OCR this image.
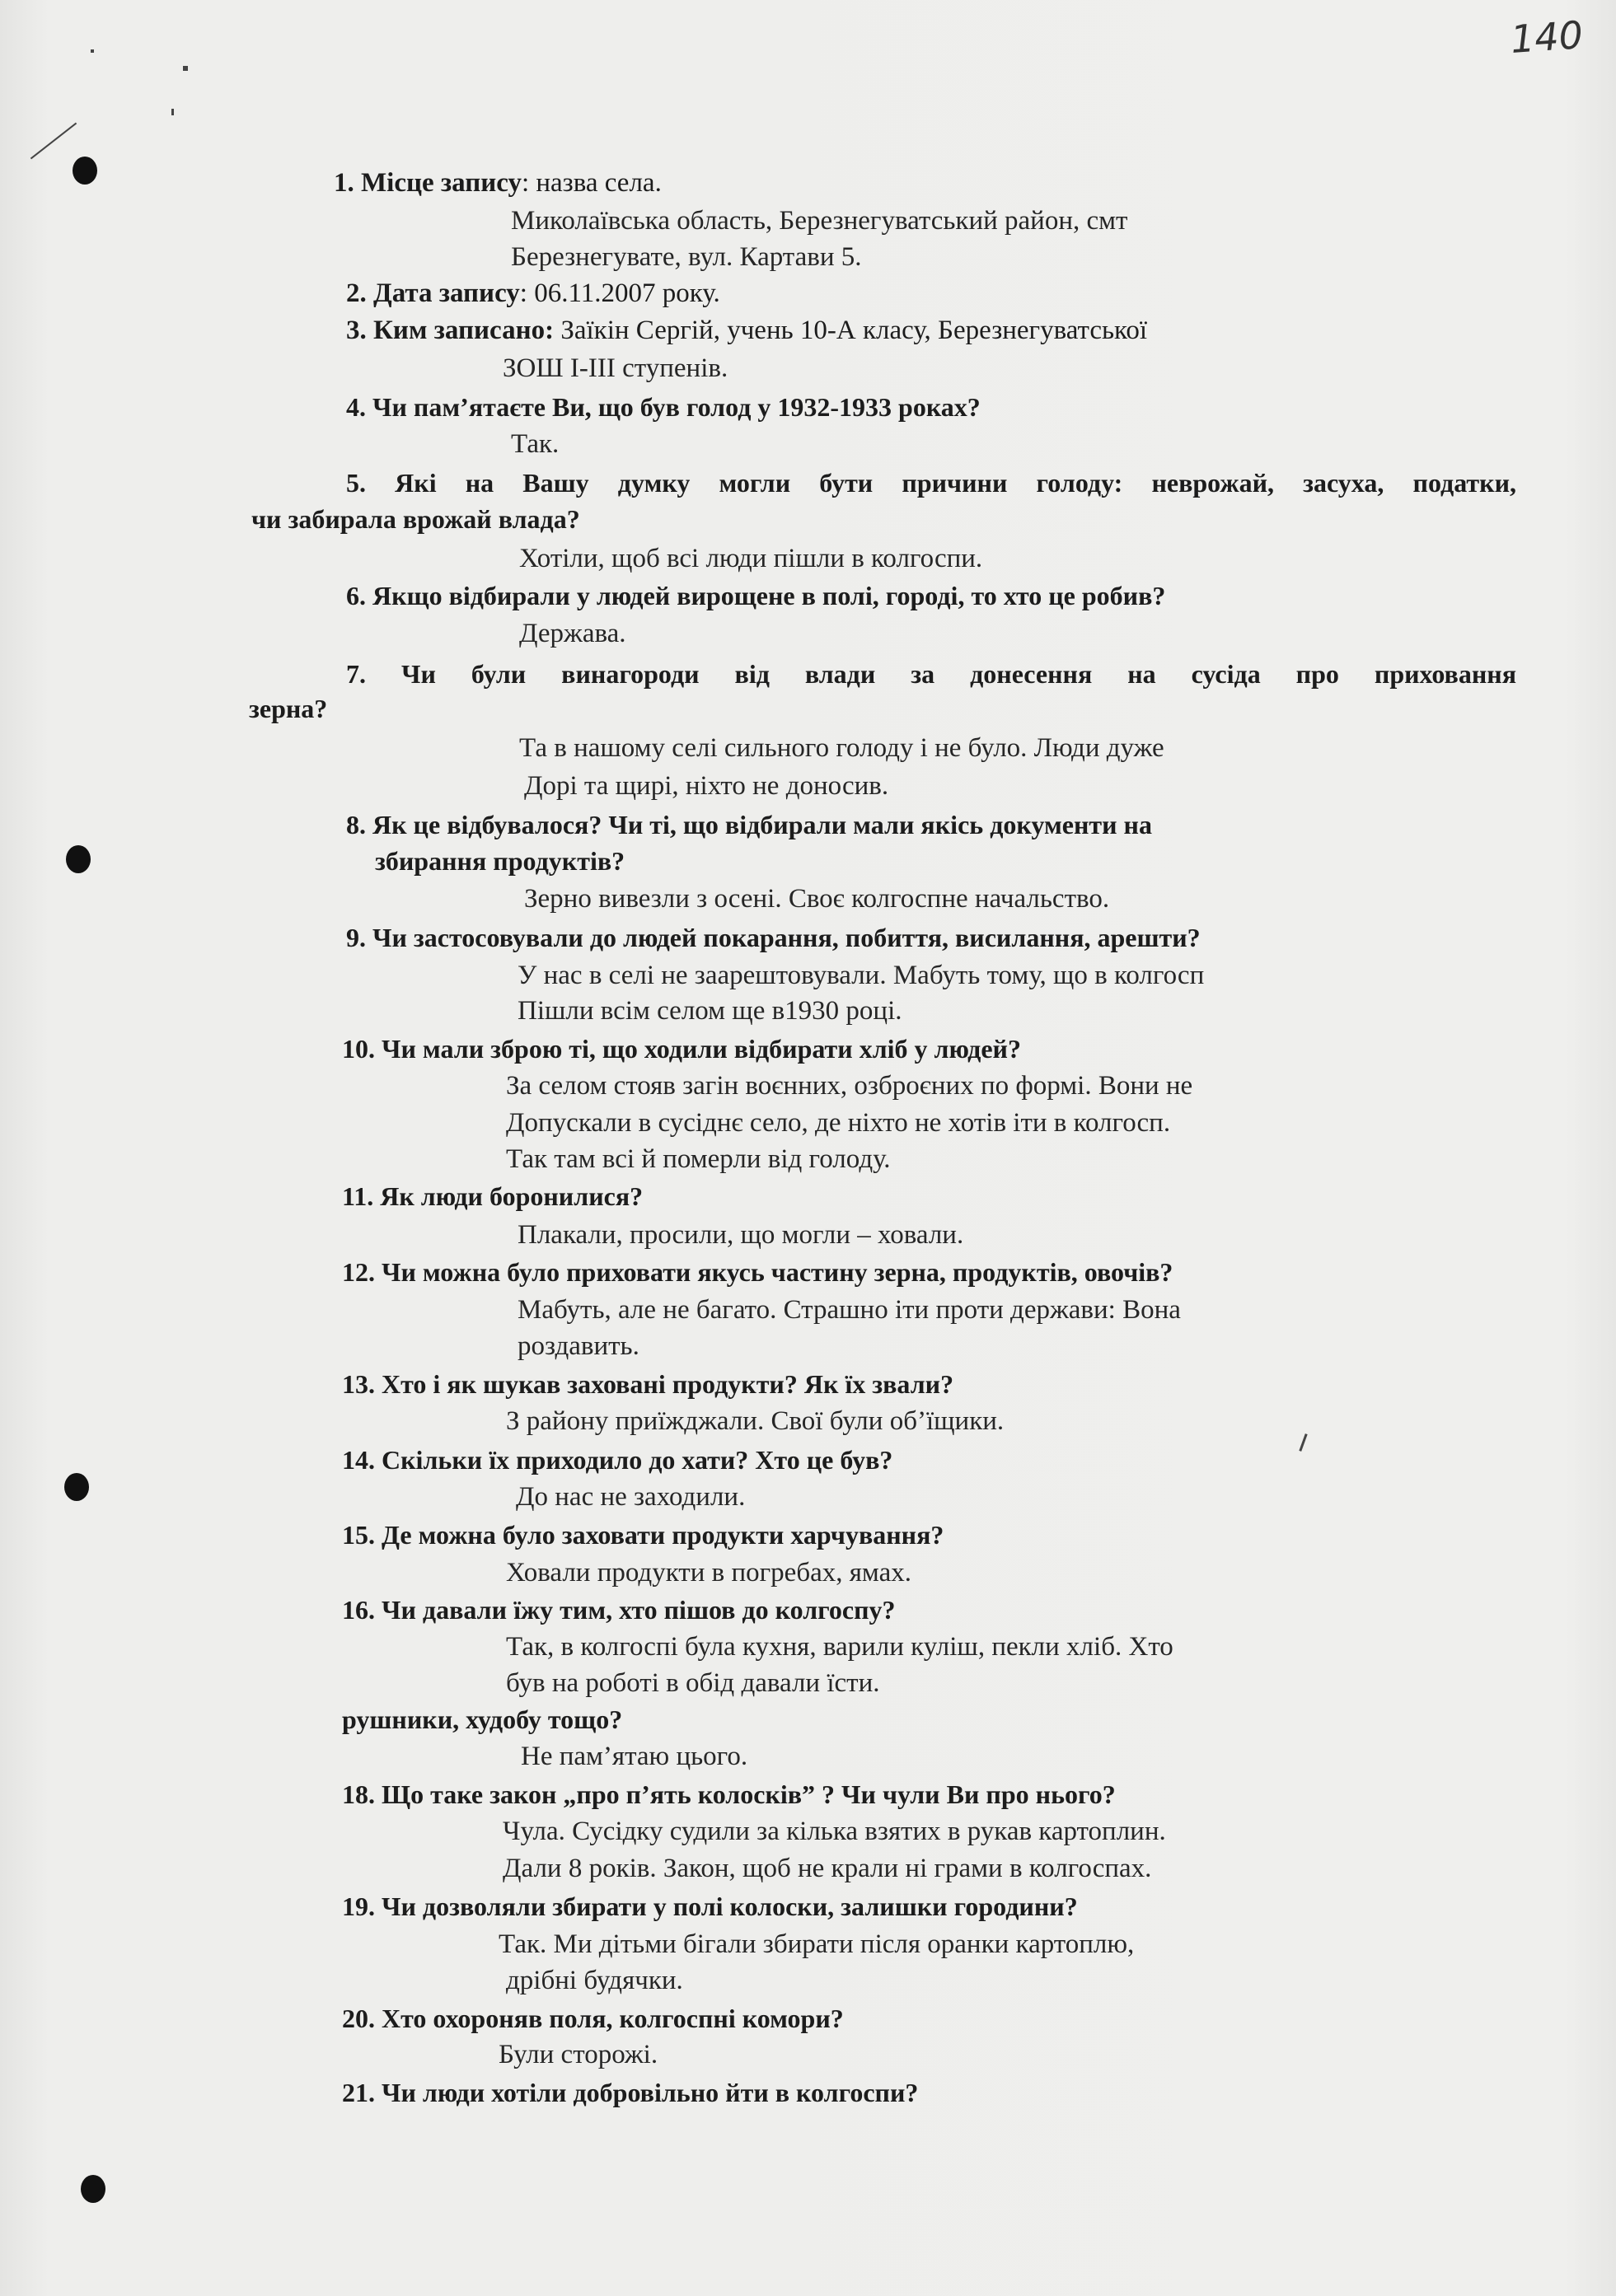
140
1. Місце запису: назва села.
Миколаївська область, Березнегуватський район, смт
Березнегувате, вул. Картави 5.
2. Дата запису: 06.11.2007 року.
3. Ким записано: Заїкін Сергій, учень 10-А класу, Березнегуватської
ЗОШ I-III ступенів.
4. Чи пам’ятаєте Ви, що був голод у 1932-1933 роках?
Так.
5. Які на Вашу думку могли бути причини голоду: неврожай, засуха, податки,
чи забирала врожай влада?
Хотіли, щоб всі люди пішли в колгоспи.
6. Якщо відбирали у людей вирощене в полі, городі, то хто це робив?
Держава.
7. Чи були винагороди від влади за донесення на сусіда про приховання
зерна?
Та в нашому селі сильного голоду і не було. Люди дуже
Дорі та щирі, ніхто не доносив.
8. Як це відбувалося? Чи ті, що відбирали мали якісь документи на
збирання продуктів?
Зерно вивезли з осені. Своє колгоспне начальство.
9. Чи застосовували до людей покарання, побиття, висилання, арешти?
У нас в селі не заарештовували. Мабуть тому, що в колгосп
Пішли всім селом ще в1930 році.
10. Чи мали зброю ті, що ходили відбирати хліб у людей?
За селом стояв загін воєнних, озброєних по формі. Вони не
Допускали в сусіднє село, де ніхто не хотів іти в колгосп.
Так там всі й померли від голоду.
11. Як люди боронилися?
Плакали, просили, що могли – ховали.
12. Чи можна було приховати якусь частину зерна, продуктів, овочів?
Мабуть, але не багато. Страшно іти проти держави: Вона
роздавить.
13. Хто і як шукав заховані продукти? Як їх звали?
З району приїжджали. Свої були об’їщики.
14. Скільки їх приходило до хати? Хто це був?
До нас не заходили.
15. Де можна було заховати продукти харчування?
Ховали продукти в погребах, ямах.
16. Чи давали їжу тим, хто пішов до колгоспу?
Так, в колгоспі була кухня, варили куліш, пекли хліб. Хто
був на роботі в обід давали їсти.
рушники, худобу тощо?
Не пам’ятаю цього.
18. Що таке закон „про п’ять колосків” ? Чи чули Ви про нього?
Чула. Сусідку судили за кілька взятих в рукав картоплин.
Дали 8 років. Закон, щоб не крали ні грами в колгоспах.
19. Чи дозволяли збирати у полі колоски, залишки городини?
Так. Ми дітьми бігали збирати після оранки картоплю,
дрібні будячки.
20. Хто охороняв поля, колгоспні комори?
Були сторожі.
21. Чи люди хотіли добровільно йти в колгоспи?
